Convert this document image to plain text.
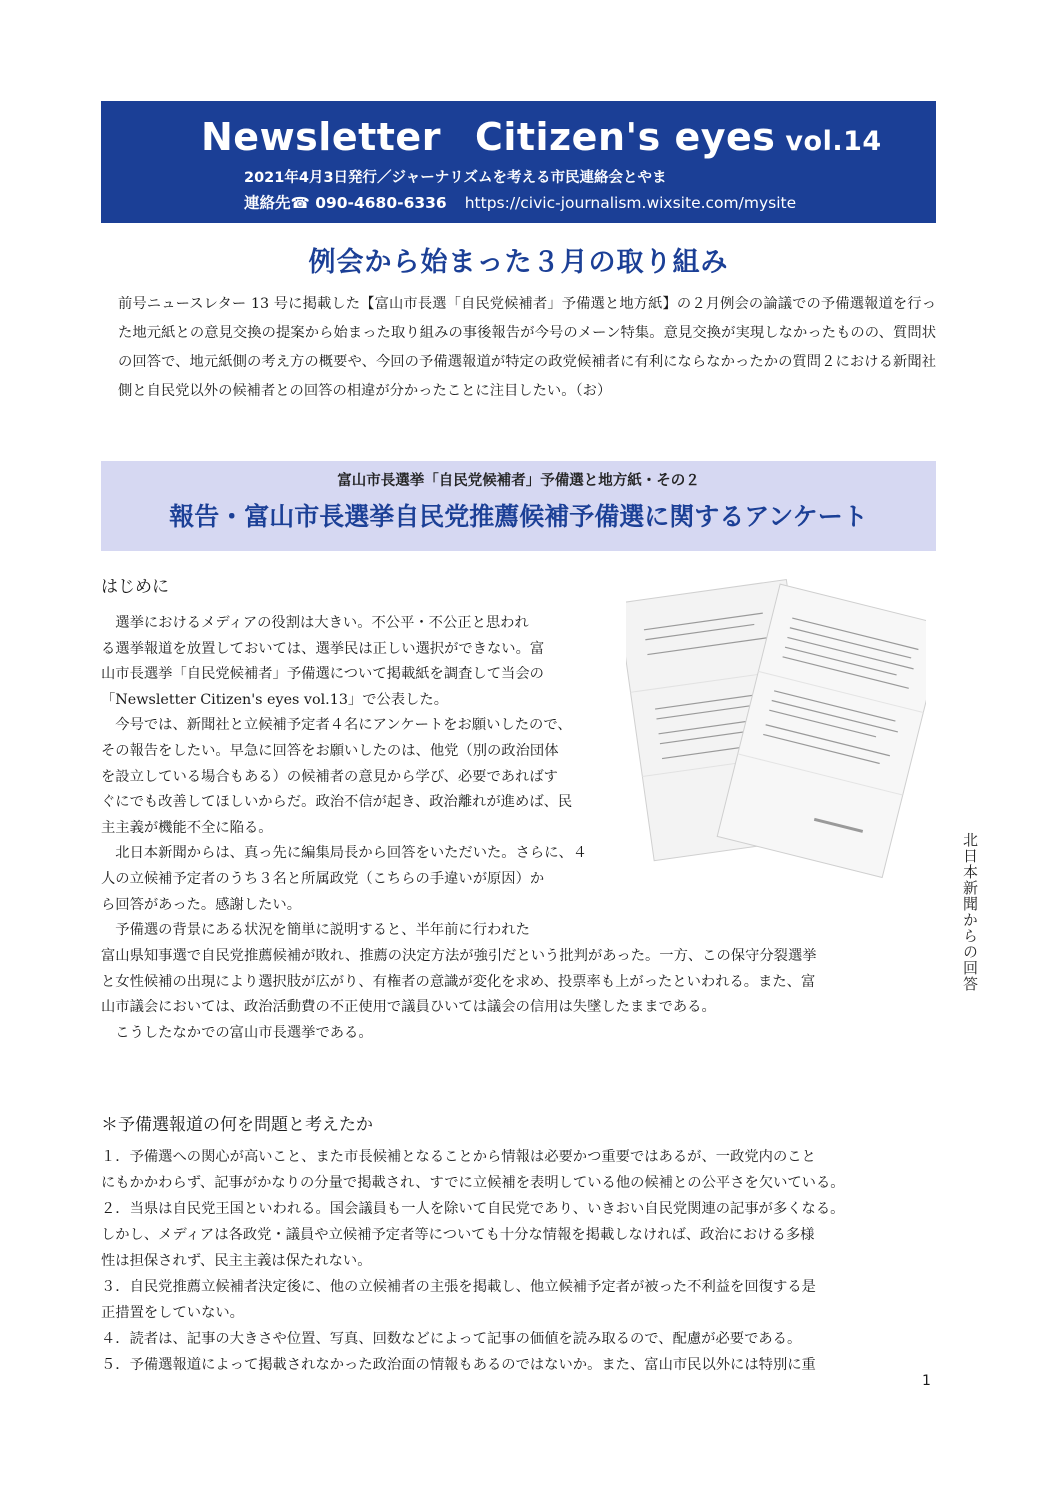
Newsletter Citizen's eyes vol.14
2021年4月3日発行／ジャーナリズムを考える市民連絡会とやま
連絡先☎ 090-4680-6336 https://civic-journalism.wixsite.com/mysite
例会から始まった３月の取り組み
前号ニュースレター 13 号に掲載した【富山市長選「自民党候補者」予備選と地方紙】の２月例会の論議での予備選報道を行った地元紙との意見交換の提案から始まった取り組みの事後報告が今号のメーン特集。意見交換が実現しなかったものの、質問状の回答で、地元紙側の考え方の概要や、今回の予備選報道が特定の政党候補者に有利にならなかったかの質問２における新聞社側と自民党以外の候補者との回答の相違が分かったことに注目したい。（お）
富山市長選挙「自民党候補者」予備選と地方紙・その２
報告・富山市長選挙自民党推薦候補予備選に関するアンケート
はじめに
　選挙におけるメディアの役割は大きい。不公平・不公正と思われ
る選挙報道を放置しておいては、選挙民は正しい選択ができない。富
山市長選挙「自民党候補者」予備選について掲載紙を調査して当会の
「Newsletter Citizen's eyes vol.13」で公表した。
　今号では、新聞社と立候補予定者４名にアンケートをお願いしたので、
その報告をしたい。早急に回答をお願いしたのは、他党（別の政治団体
を設立している場合もある）の候補者の意見から学び、必要であればす
ぐにでも改善してほしいからだ。政治不信が起き、政治離れが進めば、民
主主義が機能不全に陥る。
　北日本新聞からは、真っ先に編集局長から回答をいただいた。さらに、４
人の立候補予定者のうち３名と所属政党（こちらの手違いが原因）か
ら回答があった。感謝したい。
　予備選の背景にある状況を簡単に説明すると、半年前に行われた
富山県知事選で自民党推薦候補が敗れ、推薦の決定方法が強引だという批判があった。一方、この保守分裂選挙
と女性候補の出現により選択肢が広がり、有権者の意識が変化を求め、投票率も上がったといわれる。また、富
山市議会においては、政治活動費の不正使用で議員ひいては議会の信用は失墜したままである。
　こうしたなかでの富山市長選挙である。
＊予備選報道の何を問題と考えたか
１．予備選への関心が高いこと、また市長候補となることから情報は必要かつ重要ではあるが、一政党内のこと
にもかかわらず、記事がかなりの分量で掲載され、すでに立候補を表明している他の候補との公平さを欠いている。
２．当県は自民党王国といわれる。国会議員も一人を除いて自民党であり、いきおい自民党関連の記事が多くなる。
しかし、メディアは各政党・議員や立候補予定者等についても十分な情報を掲載しなければ、政治における多様
性は担保されず、民主主義は保たれない。
３．自民党推薦立候補者決定後に、他の立候補者の主張を掲載し、他立候補予定者が被った不利益を回復する是
正措置をしていない。
４．読者は、記事の大きさや位置、写真、回数などによって記事の価値を読み取るので、配慮が必要である。
５．予備選報道によって掲載されなかった政治面の情報もあるのではないか。また、富山市民以外には特別に重
北日本新聞からの回答
1
